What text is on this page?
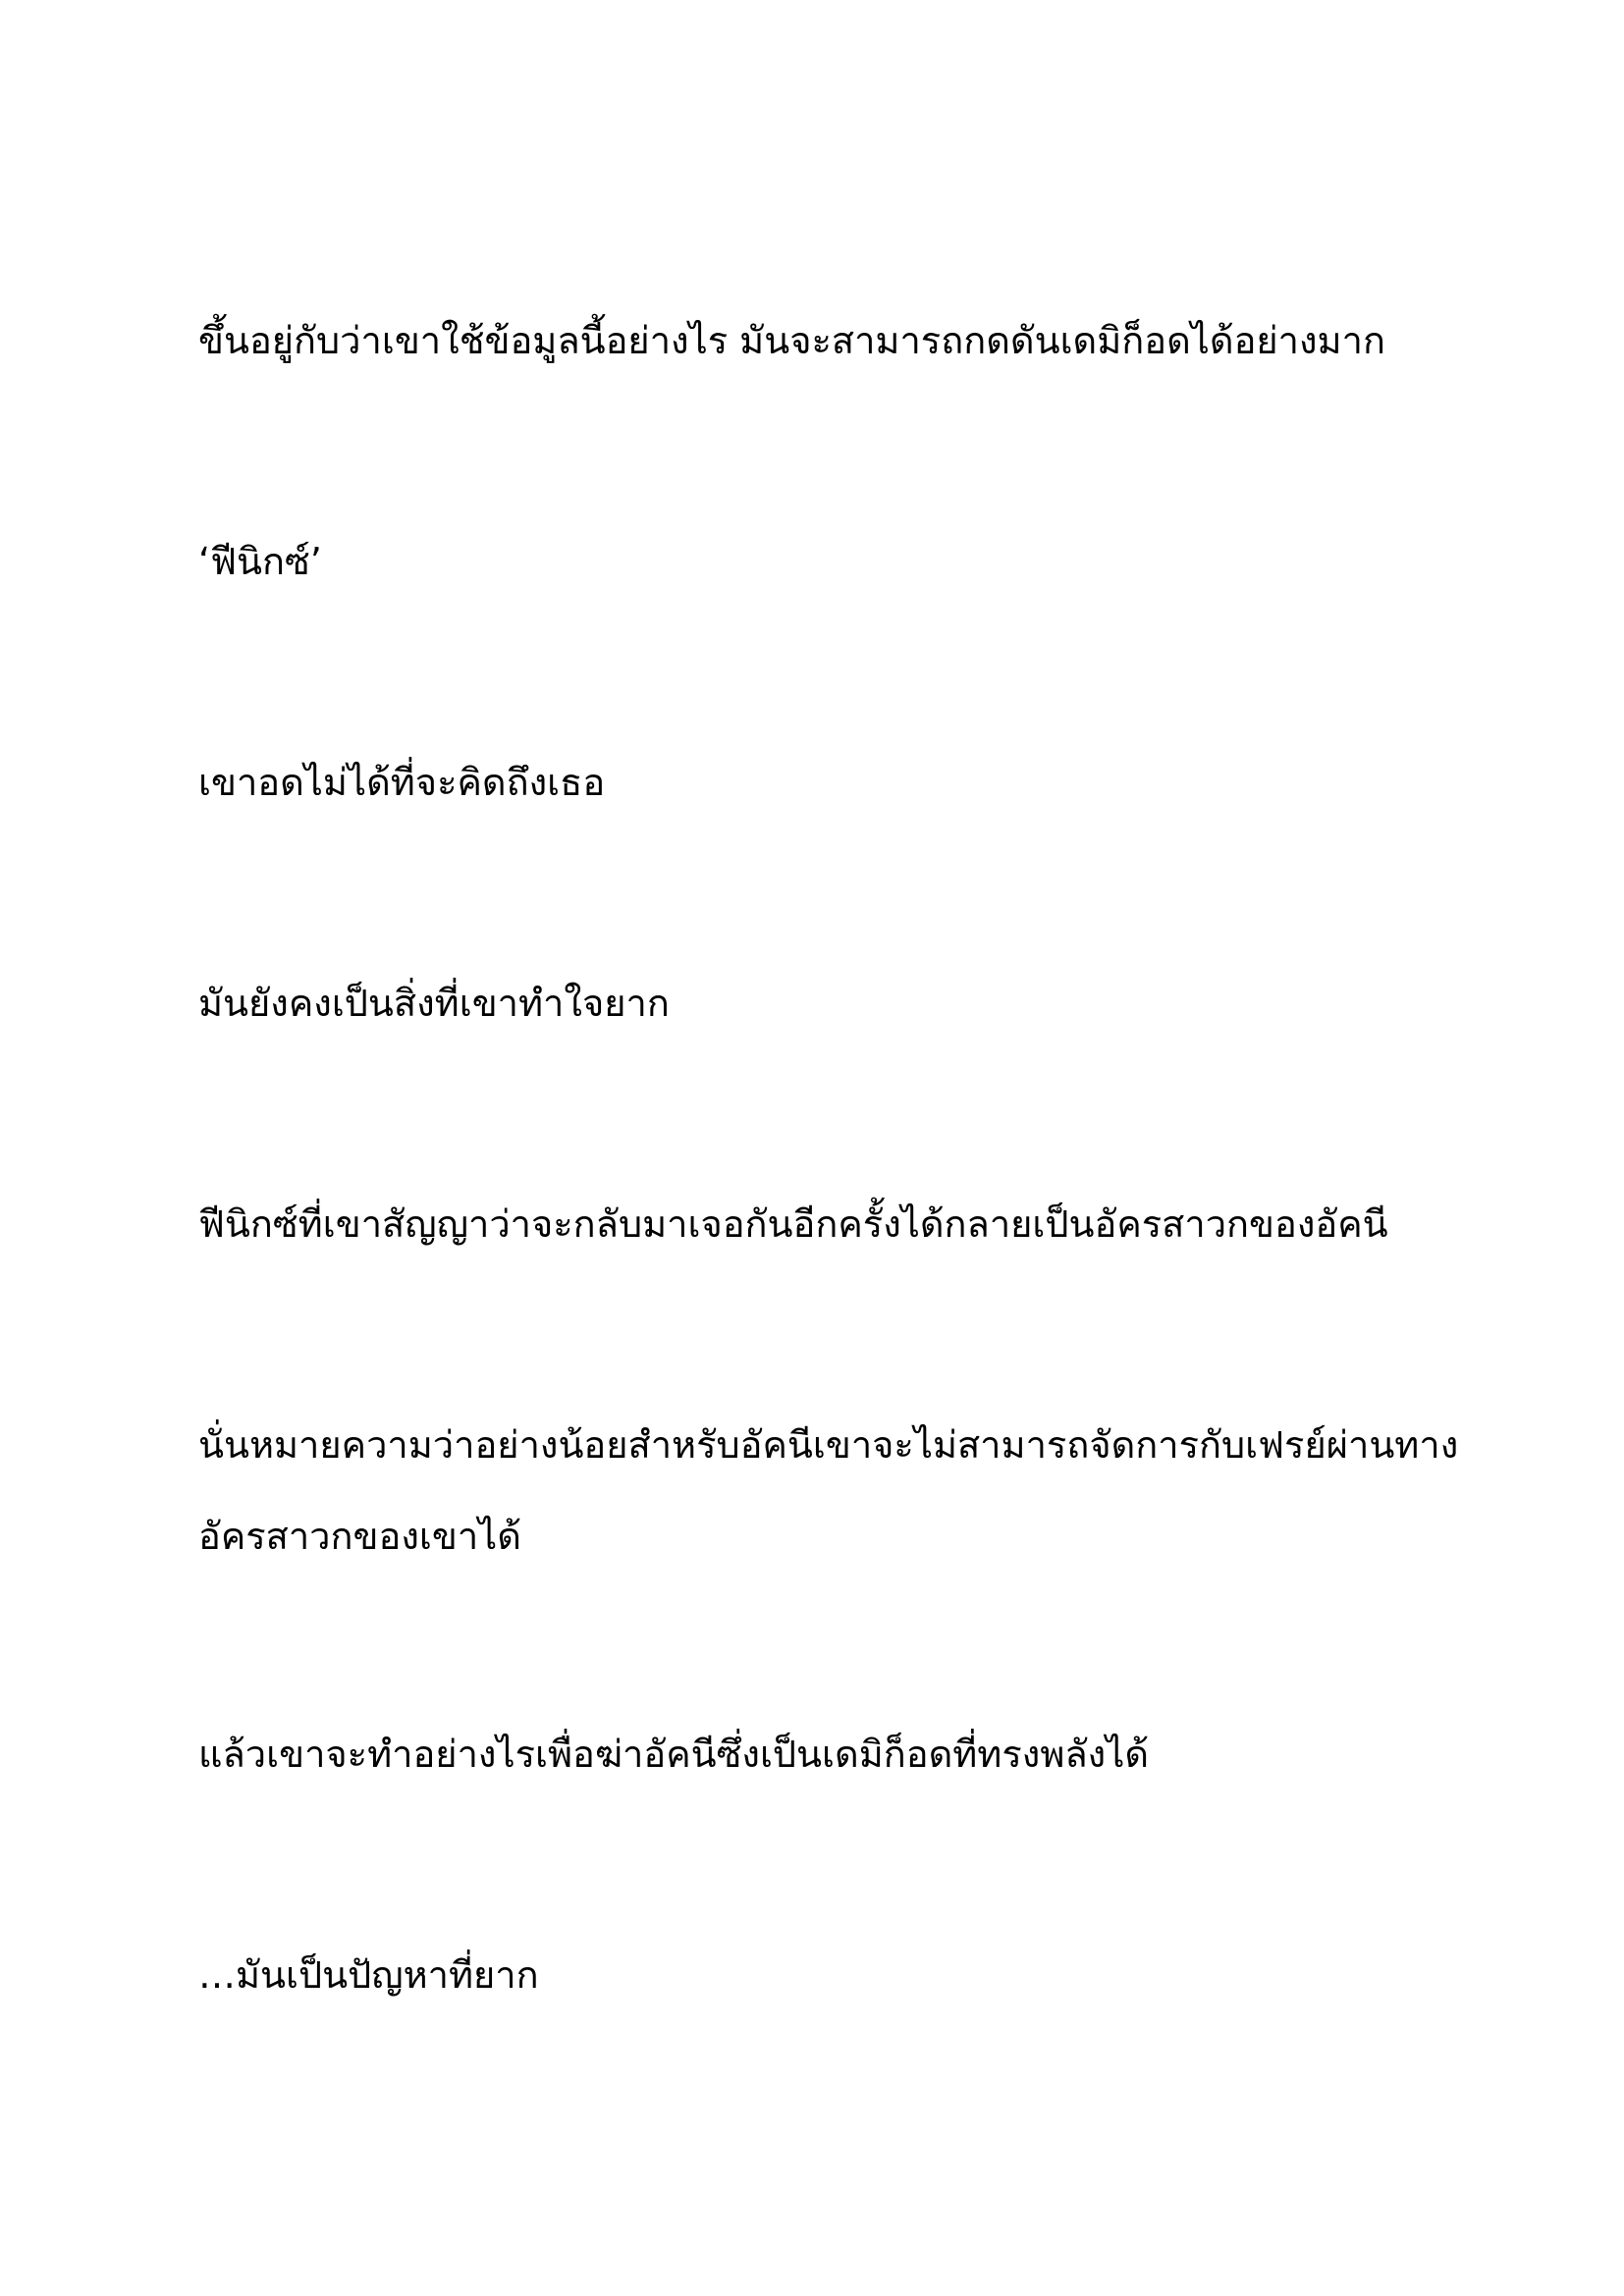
ขึ้นอยู่กับว่าเขาใช้ข้อมูลนี้อย่างไร มันจะสามารถกดดันเดมิก็อดได้อย่างมาก

‘ฟีนิกซ์’

เขาอดไม่ได้ที่จะคิดถึงเธอ

มันยังคงเป็นสิ่งที่เขาทำใจยาก

ฟีนิกซ์ที่เขาสัญญาว่าจะกลับมาเจอกันอีกครั้งได้กลายเป็นอัครสาวกของอัคนี

นั่นหมายความว่าอย่างน้อยสำหรับอัคนีเขาจะไม่สามารถจัดการกับเฟรย์ผ่านทาง

อัครสาวกของเขาได้

แล้วเขาจะทำอย่างไรเพื่อฆ่าอัคนีซึ่งเป็นเดมิก็อดที่ทรงพลังได้

…มันเป็นปัญหาที่ยาก
